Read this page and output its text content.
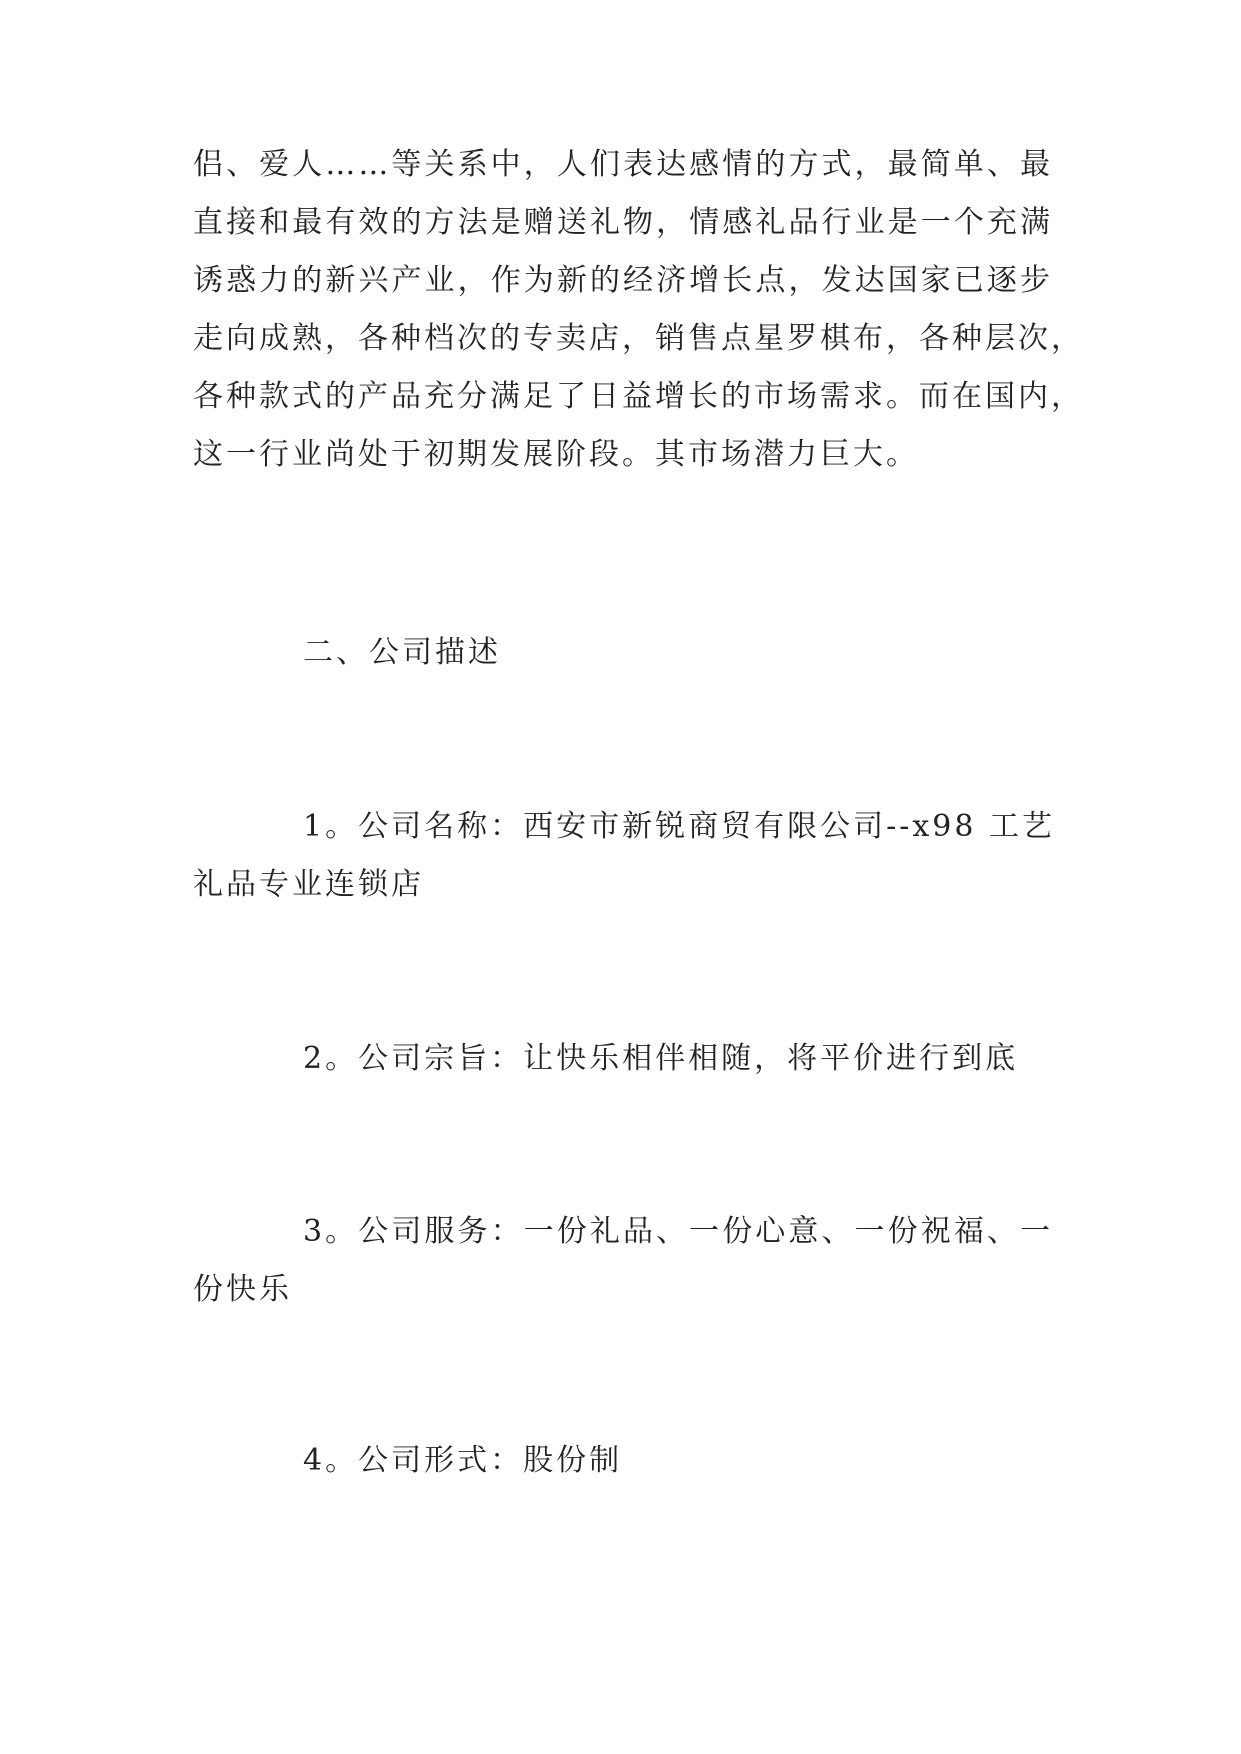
侣、爱人……等关系中，人们表达感情的方式，最简单、最
直接和最有效的方法是赠送礼物，情感礼品行业是一个充满
诱惑力的新兴产业，作为新的经济增长点，发达国家已逐步
走向成熟，各种档次的专卖店，销售点星罗棋布，各种层次，
各种款式的产品充分满足了日益增长的市场需求。而在国内，
这一行业尚处于初期发展阶段。其市场潜力巨大。
二、公司描述
1。公司名称：西安市新锐商贸有限公司--x98 工艺
礼品专业连锁店
2。公司宗旨：让快乐相伴相随，将平价进行到底
3。公司服务：一份礼品、一份心意、一份祝福、一
份快乐
4。公司形式：股份制
